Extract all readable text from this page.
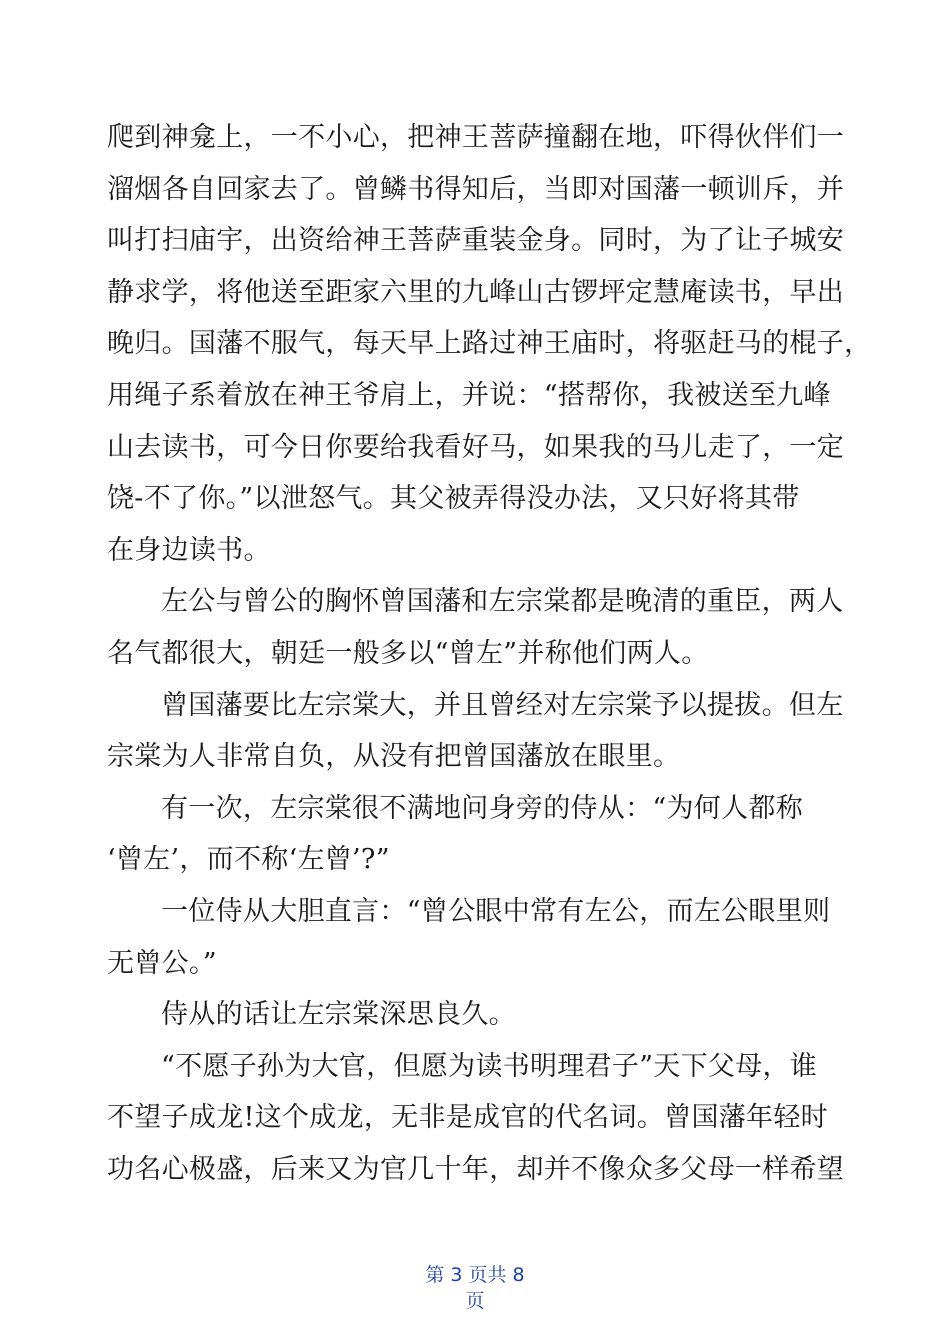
爬到神龛上，一不小心，把神王菩萨撞翻在地，吓得伙伴们一
溜烟各自回家去了。曾鳞书得知后，当即对国藩一顿训斥，并
叫打扫庙宇，出资给神王菩萨重装金身。同时，为了让子城安
静求学，将他送至距家六里的九峰山古锣坪定慧庵读书，早出
晚归。国藩不服气，每天早上路过神王庙时，将驱赶马的棍子，
用绳子系着放在神王爷肩上，并说：“搭帮你，我被送至九峰
山去读书，可今日你要给我看好马，如果我的马儿走了，一定
饶-不了你。”以泄怒气。其父被弄得没办法，又只好将其带
在身边读书。
左公与曾公的胸怀曾国藩和左宗棠都是晚清的重臣，两人
名气都很大，朝廷一般多以“曾左”并称他们两人。
曾国藩要比左宗棠大，并且曾经对左宗棠予以提拔。但左
宗棠为人非常自负，从没有把曾国藩放在眼里。
有一次，左宗棠很不满地问身旁的侍从：“为何人都称
‘曾左’，而不称‘左曾’?”
一位侍从大胆直言：“曾公眼中常有左公，而左公眼里则
无曾公。”
侍从的话让左宗棠深思良久。
“不愿子孙为大官，但愿为读书明理君子”天下父母，谁
不望子成龙!这个成龙，无非是成官的代名词。曾国藩年轻时
功名心极盛，后来又为官几十年，却并不像众多父母一样希望
第 3 页共 8
页
